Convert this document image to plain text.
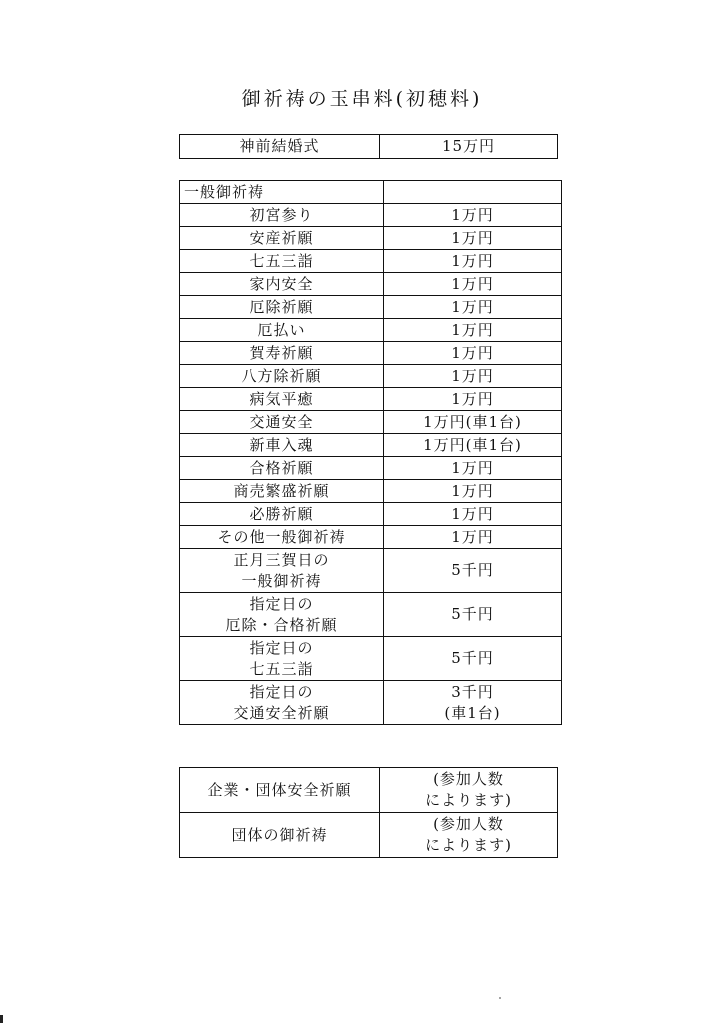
御祈祷の玉串料(初穂料)
神前結婚式	15万円
一般御祈祷	
初宮参り	1万円
安産祈願	1万円
七五三詣	1万円
家内安全	1万円
厄除祈願	1万円
厄払い	1万円
賀寿祈願	1万円
八方除祈願	1万円
病気平癒	1万円
交通安全	1万円(車1台)
新車入魂	1万円(車1台)
合格祈願	1万円
商売繁盛祈願	1万円
必勝祈願	1万円
その他一般御祈祷	1万円

正月三賀日の
一般御祈祷	5千円

指定日の
厄除・合格祈願	5千円

指定日の
七五三詣	5千円

指定日の
交通安全祈願	3千円
(車1台)
企業・団体安全祈願	(参加人数
によります)

団体の御祈祷	(参加人数
によります)
